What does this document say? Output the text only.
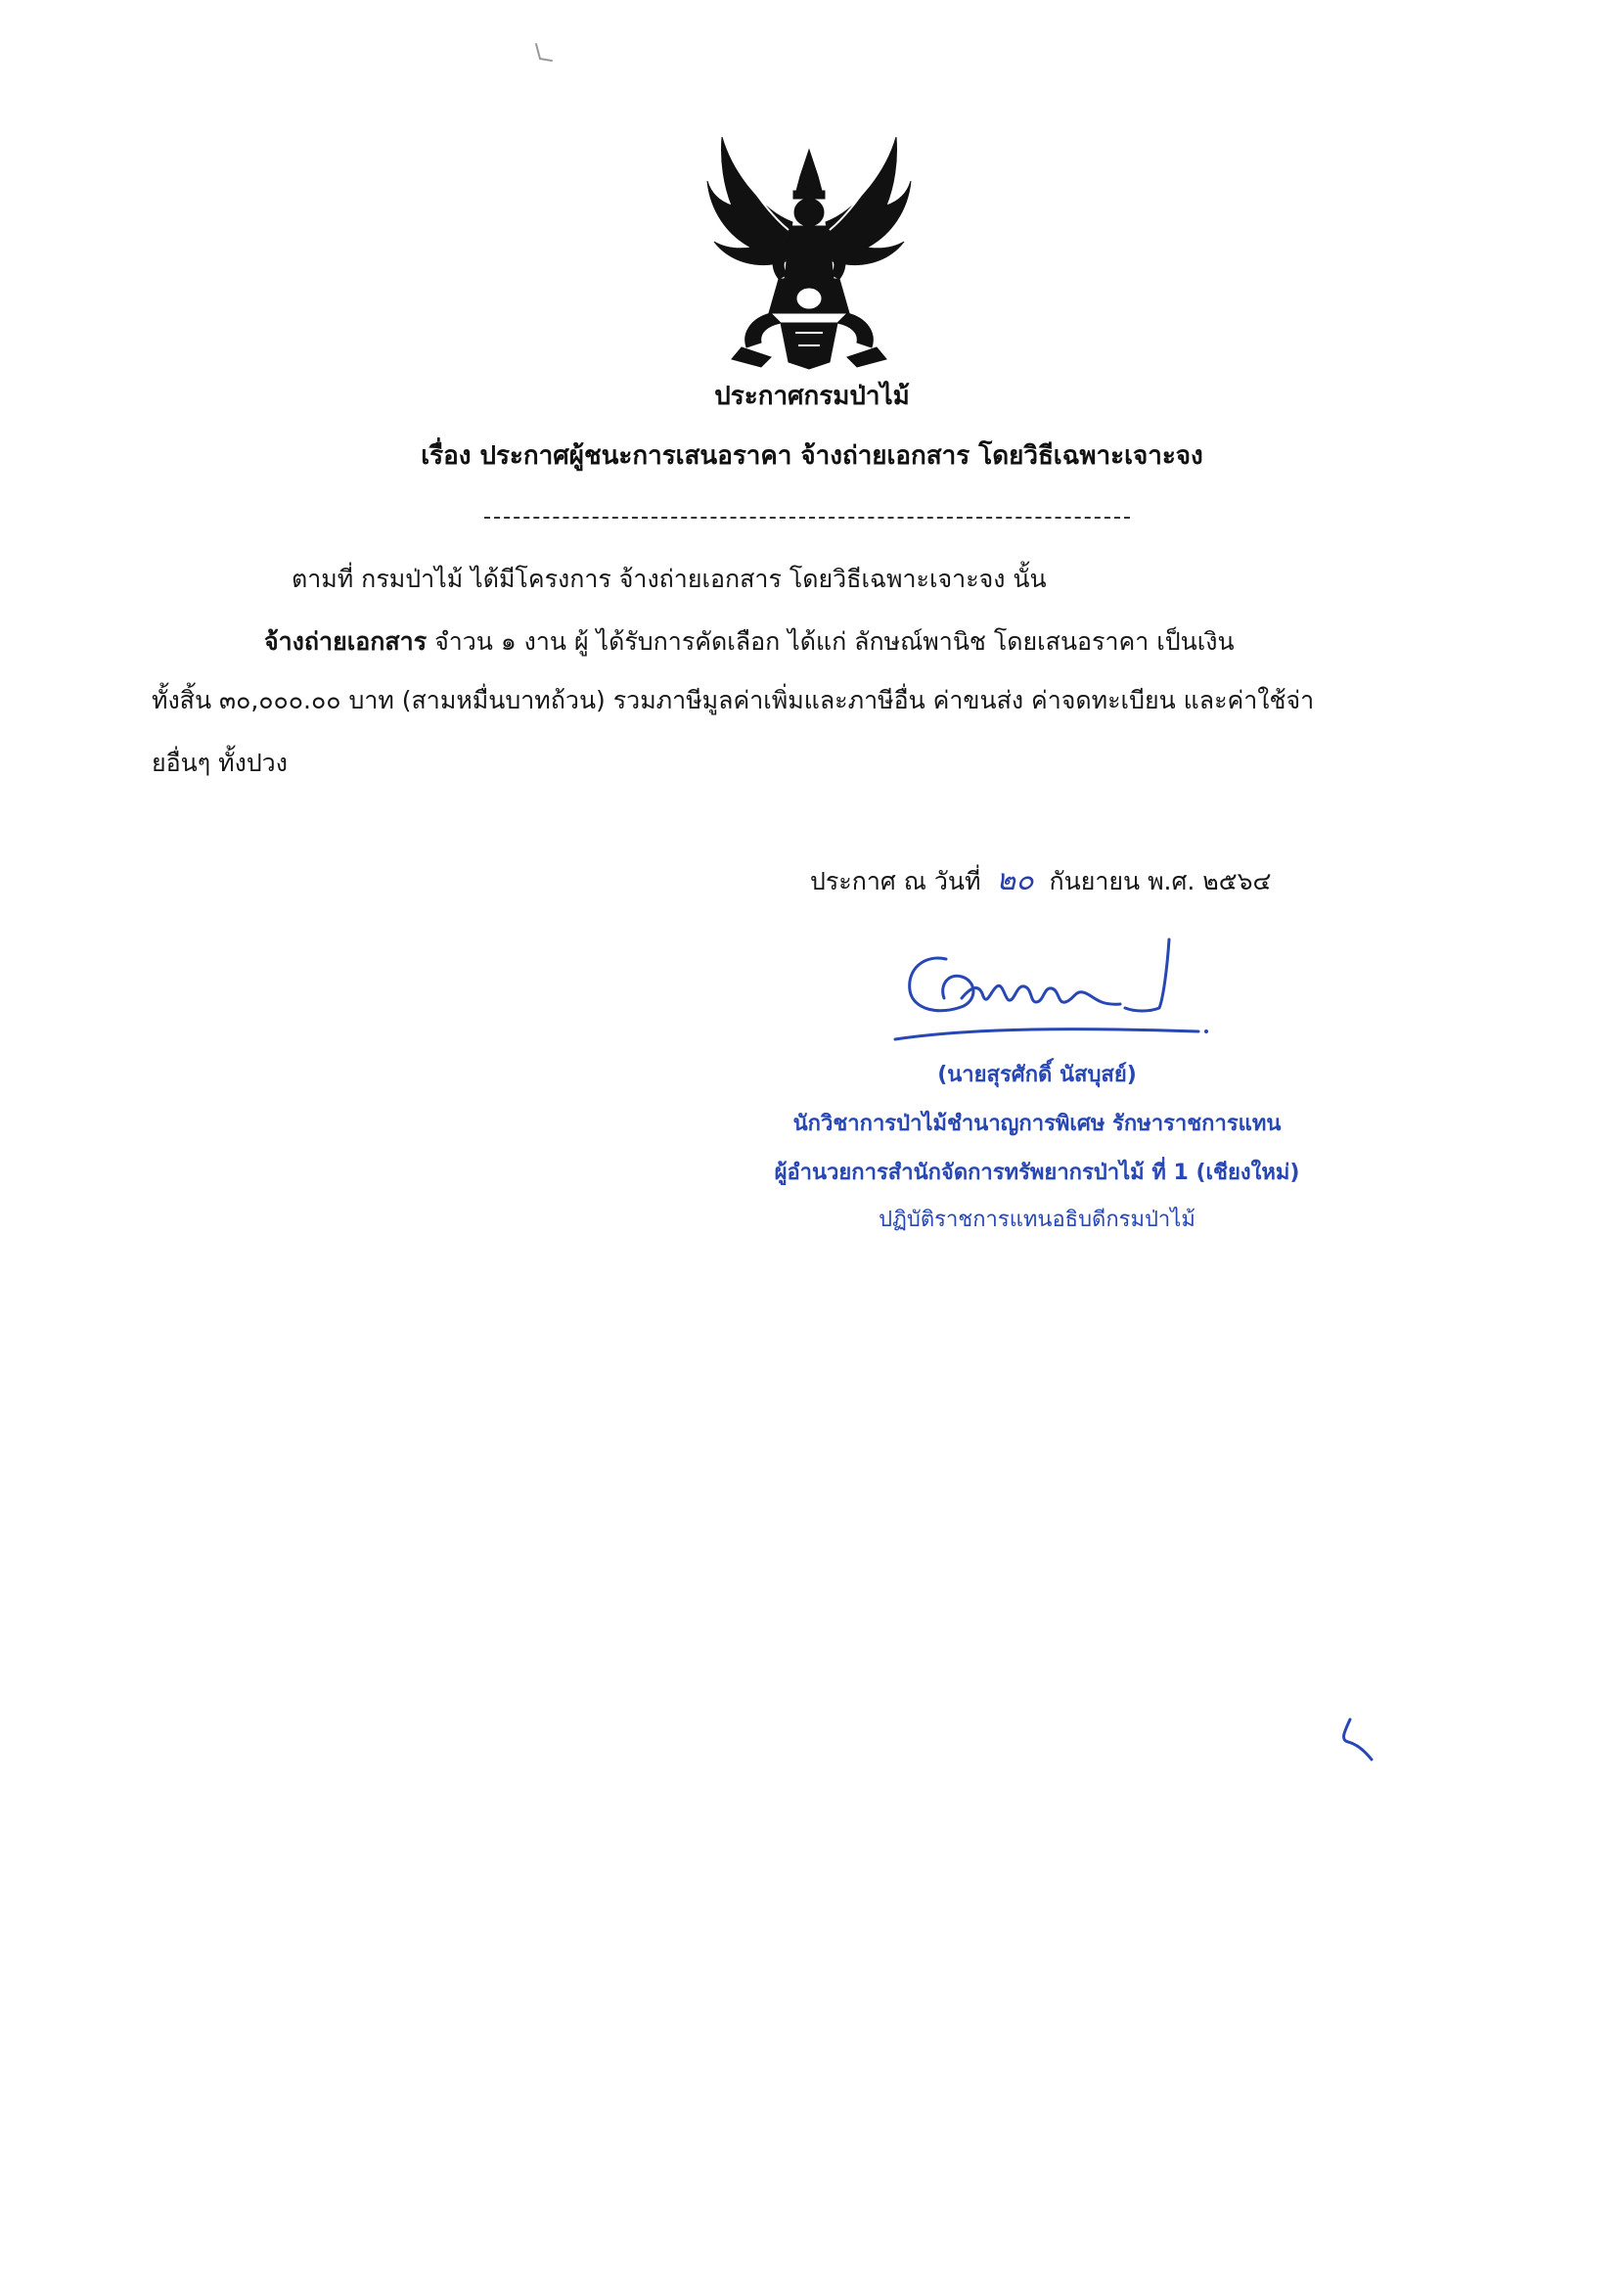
ประกาศกรมป่าไม้
เรื่อง ประกาศผู้ชนะการเสนอราคา จ้างถ่ายเอกสาร โดยวิธีเฉพาะเจาะจง
ตามที่ กรมป่าไม้ ได้มีโครงการ จ้างถ่ายเอกสาร โดยวิธีเฉพาะเจาะจง นั้น
จ้างถ่ายเอกสาร จำวน ๑ งาน ผู้ ได้รับการคัดเลือก ได้แก่ ลักษณ์พานิช โดยเสนอราคา เป็นเงิน
ทั้งสิ้น ๓๐,๐๐๐.๐๐ บาท (สามหมื่นบาทถ้วน) รวมภาษีมูลค่าเพิ่มและภาษีอื่น ค่าขนส่ง ค่าจดทะเบียน และค่าใช้จ่า
ยอื่นๆ ทั้งปวง
ประกาศ ณ วันที่ ๒๐ กันยายน พ.ศ. ๒๕๖๔
(นายสุรศักดิ์ นัสบุสย์)
นักวิชาการป่าไม้ชำนาญการพิเศษ รักษาราชการแทน
ผู้อำนวยการสำนักจัดการทรัพยากรป่าไม้ ที่ 1 (เชียงใหม่)
ปฏิบัติราชการแทนอธิบดีกรมป่าไม้
